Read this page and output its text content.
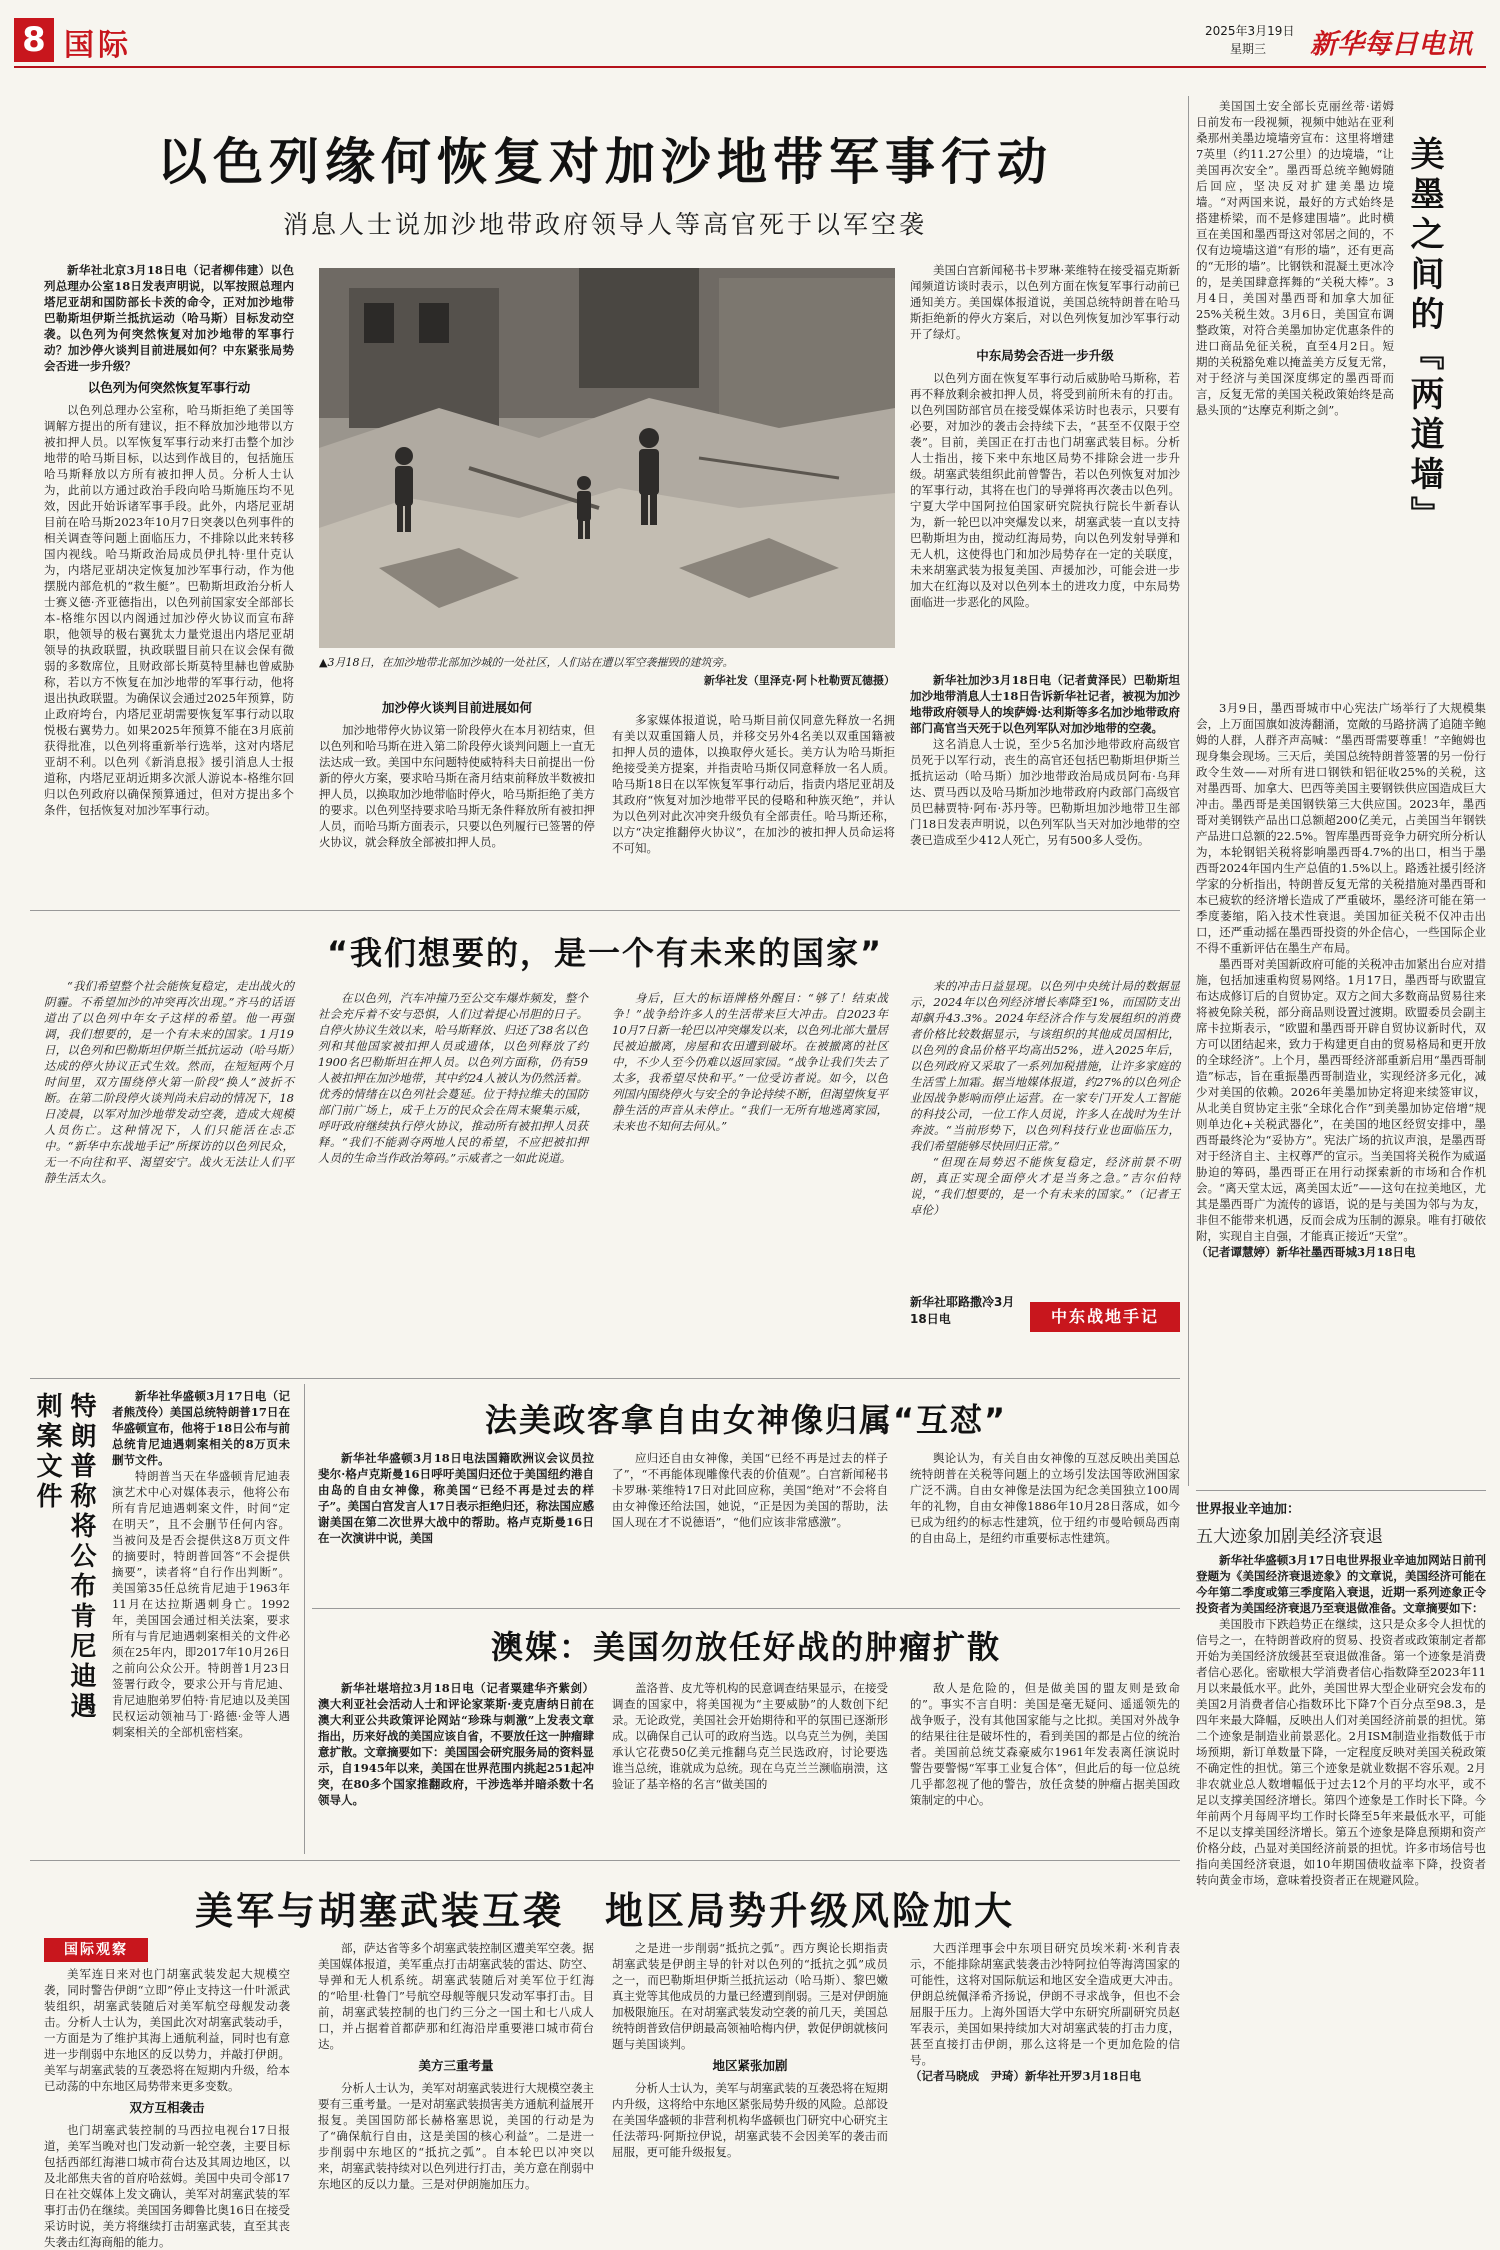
8 国际	2025年3月19日
星期三 新华每日电讯
以色列缘何恢复对加沙地带军事行动
消息人士说加沙地带政府领导人等高官死于以军空袭

新华社北京3月18日电（记者柳伟建）以色列总理办公室18日发表声明说，以军按照总理内塔尼亚胡和国防部长卡茨的命令，正对加沙地带巴勒斯坦伊斯兰抵抗运动（哈马斯）目标发动空袭。以色列为何突然恢复对加沙地带的军事行动？加沙停火谈判目前进展如何？中东紧张局势会否进一步升级？

以色列为何突然恢复军事行动

以色列总理办公室称，哈马斯拒绝了美国等调解方提出的所有建议，拒不释放加沙地带以方被扣押人员。以军恢复军事行动来打击整个加沙地带的哈马斯目标，以达到作战目的，包括施压哈马斯释放以方所有被扣押人员。分析人士认为，此前以方通过政治手段向哈马斯施压均不见效，因此开始诉诸军事手段。此外，内塔尼亚胡目前在哈马斯2023年10月7日突袭以色列事件的相关调查等问题上面临压力，不排除以此来转移国内视线。哈马斯政治局成员伊扎特·里什克认为，内塔尼亚胡决定恢复加沙军事行动，作为他摆脱内部危机的“救生艇”。巴勒斯坦政治分析人士赛义德·齐亚德指出，以色列前国家安全部部长本-格维尔因以内阁通过加沙停火协议而宣布辞职，他领导的极右翼犹太力量党退出内塔尼亚胡领导的执政联盟，执政联盟目前只在议会保有微弱的多数席位，且财政部长斯莫特里赫也曾威胁称，若以方不恢复在加沙地带的军事行动，他将退出执政联盟。为确保议会通过2025年预算，防止政府垮台，内塔尼亚胡需要恢复军事行动以取悦极右翼势力。如果2025年预算不能在3月底前获得批准，以色列将重新举行选举，这对内塔尼亚胡不利。以色列《新消息报》援引消息人士报道称，内塔尼亚胡近期多次派人游说本-格维尔回归以色列政府以确保预算通过，但对方提出多个条件，包括恢复对加沙军事行动。

▲3月18日，在加沙地带北部加沙城的一处社区，人们站在遭以军空袭摧毁的建筑旁。
新华社发（里泽克·阿卜杜勒贾瓦德摄）
加沙停火谈判目前进展如何

加沙地带停火协议第一阶段停火在本月初结束，但以色列和哈马斯在进入第二阶段停火谈判问题上一直无法达成一致。美国中东问题特使威特科夫日前提出一份新的停火方案，要求哈马斯在斋月结束前释放半数被扣押人员，以换取加沙地带临时停火，哈马斯拒绝了美方的要求。以色列坚持要求哈马斯无条件释放所有被扣押人员，而哈马斯方面表示，只要以色列履行已签署的停火协议，就会释放全部被扣押人员。

多家媒体报道说，哈马斯目前仅同意先释放一名拥有美以双重国籍人员，并移交另外4名美以双重国籍被扣押人员的遗体，以换取停火延长。美方认为哈马斯拒绝接受美方提案，并指责哈马斯仅同意释放一名人质。哈马斯18日在以军恢复军事行动后，指责内塔尼亚胡及其政府“恢复对加沙地带平民的侵略和种族灭绝”，并认为以色列对此次冲突升级负有全部责任。哈马斯还称，以方“决定推翻停火协议”，在加沙的被扣押人员命运将不可知。

美国白宫新闻秘书卡罗琳·莱维特在接受福克斯新闻频道访谈时表示，以色列方面在恢复军事行动前已通知美方。美国媒体报道说，美国总统特朗普在哈马斯拒绝新的停火方案后，对以色列恢复加沙军事行动开了绿灯。

中东局势会否进一步升级

以色列方面在恢复军事行动后威胁哈马斯称，若再不释放剩余被扣押人员，将受到前所未有的打击。以色列国防部官员在接受媒体采访时也表示，只要有必要，对加沙的袭击会持续下去，“甚至不仅限于空袭”。目前，美国正在打击也门胡塞武装目标。分析人士指出，接下来中东地区局势不排除会进一步升级。胡塞武装组织此前曾警告，若以色列恢复对加沙的军事行动，其将在也门的导弹将再次袭击以色列。宁夏大学中国阿拉伯国家研究院执行院长牛新春认为，新一轮巴以冲突爆发以来，胡塞武装一直以支持巴勒斯坦为由，搅动红海局势，向以色列发射导弹和无人机，这使得也门和加沙局势存在一定的关联度，未来胡塞武装为报复美国、声援加沙，可能会进一步加大在红海以及对以色列本土的进攻力度，中东局势面临进一步恶化的风险。

新华社加沙3月18日电（记者黄泽民）巴勒斯坦加沙地带消息人士18日告诉新华社记者，被视为加沙地带政府领导人的埃萨姆·达利斯等多名加沙地带政府部门高官当天死于以色列军队对加沙地带的空袭。

这名消息人士说，至少5名加沙地带政府高级官员死于以军行动，丧生的高官还包括巴勒斯坦伊斯兰抵抗运动（哈马斯）加沙地带政治局成员阿布·乌拜达、贾马西以及哈马斯加沙地带政府内政部门高级官员巴赫贾特·阿布·苏丹等。巴勒斯坦加沙地带卫生部门18日发表声明说，以色列军队当天对加沙地带的空袭已造成至少412人死亡，另有500多人受伤。

美墨之间的『两道墙』

美国国土安全部长克丽丝蒂·诺姆日前发布一段视频，视频中她站在亚利桑那州美墨边境墙旁宣布：这里将增建7英里（约11.27公里）的边境墙，“让美国再次安全”。墨西哥总统辛鲍姆随后回应，坚决反对扩建美墨边境墙。“对两国来说，最好的方式始终是搭建桥梁，而不是修建围墙”。此时横亘在美国和墨西哥这对邻居之间的，不仅有边境墙这道“有形的墙”，还有更高的“无形的墙”。比钢铁和混凝土更冰冷的，是美国肆意挥舞的“关税大棒”。3月4日，美国对墨西哥和加拿大加征25%关税生效。3月6日，美国宣布调整政策，对符合美墨加协定优惠条件的进口商品免征关税，直至4月2日。短期的关税豁免难以掩盖美方反复无常，对于经济与美国深度绑定的墨西哥而言，反复无常的美国关税政策始终是高悬头顶的“达摩克利斯之剑”。

3月9日，墨西哥城市中心宪法广场举行了大规模集会，上万面国旗如波涛翻涌，宽敞的马路挤满了追随辛鲍姆的人群，人群齐声高喊：“墨西哥需要尊重！”辛鲍姆也现身集会现场。三天后，美国总统特朗普签署的另一份行政令生效——对所有进口钢铁和铝征收25%的关税，这对墨西哥、加拿大、巴西等美国主要钢铁供应国造成巨大冲击。墨西哥是美国钢铁第三大供应国。2023年，墨西哥对美钢铁产品出口总额超200亿美元，占美国当年钢铁产品进口总额的22.5%。智库墨西哥竞争力研究所分析认为，本轮钢铝关税将影响墨西哥4.7%的出口，相当于墨西哥2024年国内生产总值的1.5%以上。路透社援引经济学家的分析指出，特朗普反复无常的关税措施对墨西哥和本已疲软的经济增长造成了严重破坏，墨经济可能在第一季度萎缩，陷入技术性衰退。美国加征关税不仅冲击出口，还严重动摇在墨西哥投资的外企信心，一些国际企业不得不重新评估在墨生产布局。

墨西哥对美国新政府可能的关税冲击加紧出台应对措施，包括加速重构贸易网络。1月17日，墨西哥与欧盟宣布达成修订后的自贸协定。双方之间大多数商品贸易往来将被免除关税，部分商品则设置过渡期。欧盟委员会副主席卡拉斯表示，“欧盟和墨西哥开辟自贸协议新时代，双方可以团结起来，致力于构建更自由的贸易格局和更开放的全球经济”。上个月，墨西哥经济部重新启用“墨西哥制造”标志，旨在重振墨西哥制造业，实现经济多元化，减少对美国的依赖。2026年美墨加协定将迎来续签审议，从北美自贸协定主张“全球化合作”到美墨加协定倍增“规则单边化+关税武器化”，在美国的地区经贸安排中，墨西哥最终沦为“妥协方”。宪法广场的抗议声浪，是墨西哥对于经济自主、主权尊严的宣示。当美国将关税作为威逼胁迫的筹码，墨西哥正在用行动探索新的市场和合作机会。“离天堂太远，离美国太近”——这句在拉美地区，尤其是墨西哥广为流传的谚语，说的是与美国为邻与为友，非但不能带来机遇，反而会成为压制的源泉。唯有打破依附，实现自主自强，才能真正接近“天堂”。

（记者谭慧婷）新华社墨西哥城3月18日电

“我们想要的，是一个有未来的国家”

“我们希望整个社会能恢复稳定，走出战火的阴霾。不希望加沙的冲突再次出现。”齐马的话语道出了以色列中年女子这样的希望。他一再强调，我们想要的，是一个有未来的国家。1月19日，以色列和巴勒斯坦伊斯兰抵抗运动（哈马斯）达成的停火协议正式生效。然而，在短短两个月时间里，双方围绕停火第一阶段“换人”波折不断。在第二阶段停火谈判尚未启动的情况下，18日凌晨，以军对加沙地带发动空袭，造成大规模人员伤亡。这种情况下，人们只能活在忐忑中。“新华中东战地手记”所探访的以色列民众，无一不向往和平、渴望安宁。战火无法让人们平静生活太久。

在以色列，汽车冲撞乃至公交车爆炸频发，整个社会充斥着不安与恐惧，人们过着提心吊胆的日子。自停火协议生效以来，哈马斯释放、归还了38名以色列和其他国家被扣押人员或遗体，以色列释放了约1900名巴勒斯坦在押人员。以色列方面称，仍有59人被扣押在加沙地带，其中约24人被认为仍然活着。优秀的情绪在以色列社会蔓延。位于特拉维夫的国防部门前广场上，成千上万的民众会在周末聚集示威，呼吁政府继续执行停火协议，推动所有被扣押人员获释。“我们不能剥夺两地人民的希望，不应把被扣押人员的生命当作政治筹码。”示威者之一如此说道。

身后，巨大的标语牌格外醒目：“够了！结束战争！”战争给许多人的生活带来巨大冲击。自2023年10月7日新一轮巴以冲突爆发以来，以色列北部大量居民被迫撤离，房屋和农田遭到破坏。在被撤离的社区中，不少人至今仍难以返回家园。“战争让我们失去了太多，我希望尽快和平。”一位受访者说。如今，以色列国内围绕停火与安全的争论持续不断，但渴望恢复平静生活的声音从未停止。“我们一无所有地逃离家园，未来也不知何去何从。”

来的冲击日益显现。以色列中央统计局的数据显示，2024年以色列经济增长率降至1%，而国防支出却飙升43.3%。2024年经济合作与发展组织的消费者价格比较数据显示，与该组织的其他成员国相比，以色列的食品价格平均高出52%，进入2025年后，以色列政府又采取了一系列加税措施，让许多家庭的生活雪上加霜。据当地媒体报道，约27%的以色列企业因战争影响而停止运营。在一家专门开发人工智能的科技公司，一位工作人员说，许多人在战时为生计奔波。“当前形势下，以色列科技行业也面临压力，我们希望能够尽快回归正常。”

“但现在局势迟不能恢复稳定，经济前景不明朗，真正实现全面停火才是当务之急。”吉尔伯特说，“我们想要的，是一个有未来的国家。”（记者王卓伦）

新华社耶路撒冷3月18日电	中东战地手记
特朗普称将公布肯尼迪遇刺案文件	新华社华盛顿3月17日电（记者熊茂伶）美国总统特朗普17日在华盛顿宣布，他将于18日公布与前总统肯尼迪遇刺案相关的8万页未删节文件。

特朗普当天在华盛顿肯尼迪表演艺术中心对媒体表示，他将公布所有肯尼迪遇刺案文件，时间“定在明天”，且不会删节任何内容。当被问及是否会提供这8万页文件的摘要时，特朗普回答“不会提供摘要”，读者将“自行作出判断”。美国第35任总统肯尼迪于1963年11月在达拉斯遇刺身亡。1992年，美国国会通过相关法案，要求所有与肯尼迪遇刺案相关的文件必须在25年内，即2017年10月26日之前向公众公开。特朗普1月23日签署行政令，要求公开与肯尼迪、肯尼迪胞弟罗伯特·肯尼迪以及美国民权运动领袖马丁·路德·金等人遇刺案相关的全部机密档案。

法美政客拿自由女神像归属“互怼”

新华社华盛顿3月18日电法国籍欧洲议会议员拉斐尔·格卢克斯曼16日呼吁美国归还位于美国纽约港自由岛的自由女神像，称美国“已经不再是过去的样子”。美国白宫发言人17日表示拒绝归还，称法国应感谢美国在第二次世界大战中的帮助。格卢克斯曼16日在一次演讲中说，美国

应归还自由女神像，美国“已经不再是过去的样子了”，“不再能体现雕像代表的价值观”。白宫新闻秘书卡罗琳·莱维特17日对此回应称，美国“绝对”不会将自由女神像还给法国，她说，“正是因为美国的帮助，法国人现在才不说德语”，“他们应该非常感激”。

舆论认为，有关自由女神像的互怼反映出美国总统特朗普在关税等问题上的立场引发法国等欧洲国家广泛不满。自由女神像是法国为纪念美国独立100周年的礼物，自由女神像1886年10月28日落成，如今已成为纽约的标志性建筑，位于纽约市曼哈顿岛西南的自由岛上，是纽约市重要标志性建筑。

澳媒：美国勿放任好战的肿瘤扩散

新华社堪培拉3月18日电（记者粟建华齐紫剑）澳大利亚社会活动人士和评论家莱斯·麦克唐纳日前在澳大利亚公共政策评论网站“珍珠与刺激”上发表文章指出，历来好战的美国应该自省，不要放任这一肿瘤肆意扩散。文章摘要如下：美国国会研究服务局的资料显示，自1945年以来，美国在世界范围内挑起251起冲突，在80多个国家推翻政府，干涉选举并暗杀数十名领导人。

盖洛普、皮尤等机构的民意调查结果显示，在接受调查的国家中，将美国视为“主要威胁”的人数创下纪录。无论政党，美国社会开始期待和平的氛围已逐渐形成。以确保自己认可的政府当选。以乌克兰为例，美国承认它花费50亿美元推翻乌克兰民选政府，讨论要选谁当总统，谁就成为总统。现在乌克兰兰濒临崩溃，这验证了基辛格的名言“做美国的

敌人是危险的，但是做美国的盟友则是致命的”。事实不言自明：美国是毫无疑问、遥遥领先的战争贩子，没有其他国家能与之比拟。美国对外战争的结果往往是破坏性的，看到美国的都是占位的统治者。美国前总统艾森豪威尔1961年发表离任演说时警告要警惕“军事工业复合体”，但此后的每一位总统几乎都忽视了他的警告，放任贪婪的肿瘤占据美国政策制定的中心。

美军与胡塞武装互袭　地区局势升级风险加大
国际观察

美军连日来对也门胡塞武装发起大规模空袭，同时警告伊朗“立即”停止支持这一什叶派武装组织，胡塞武装随后对美军航空母舰发动袭击。分析人士认为，美国此次对胡塞武装动手，一方面是为了维护其海上通航利益，同时也有意进一步削弱中东地区的反以势力，并敲打伊朗。美军与胡塞武装的互袭恐将在短期内升级，给本已动荡的中东地区局势带来更多变数。

双方互相袭击

也门胡塞武装控制的马西拉电视台17日报道，美军当晚对也门发动新一轮空袭，主要目标包括西部红海港口城市荷台达及其周边地区，以及北部焦夫省的首府哈兹姆。美国中央司令部17日在社交媒体上发文确认，美军对胡塞武装的军事打击仍在继续。美国国务卿鲁比奥16日在接受采访时说，美方将继续打击胡塞武装，直至其丧失袭击红海商船的能力。

部，萨达省等多个胡塞武装控制区遭美军空袭。据美国媒体报道，美军重点打击胡塞武装的雷达、防空、导弹和无人机系统。胡塞武装随后对美军位于红海的“哈里·杜鲁门”号航空母舰等舰只发动军事打击。目前，胡塞武装控制的也门约三分之一国土和七八成人口，并占据着首都萨那和红海沿岸重要港口城市荷台达。

美方三重考量

分析人士认为，美军对胡塞武装进行大规模空袭主要有三重考量。一是对胡塞武装损害美方通航利益展开报复。美国国防部长赫格塞思说，美国的行动是为了“确保航行自由，这是美国的核心利益”。二是进一步削弱中东地区的“抵抗之弧”。自本轮巴以冲突以来，胡塞武装持续对以色列进行打击，美方意在削弱中东地区的反以力量。三是对伊朗施加压力。

之是进一步削弱“抵抗之弧”。西方舆论长期指责胡塞武装是伊朗主导的针对以色列的“抵抗之弧”成员之一，而巴勒斯坦伊斯兰抵抗运动（哈马斯）、黎巴嫩真主党等其他成员的力量已经遭到削弱。三是对伊朗施加极限施压。在对胡塞武装发动空袭的前几天，美国总统特朗普致信伊朗最高领袖哈梅内伊，敦促伊朗就核问题与美国谈判。

地区紧张加剧

分析人士认为，美军与胡塞武装的互袭恐将在短期内升级，这将给中东地区紧张局势升级的风险。总部设在美国华盛顿的非营利机构华盛顿也门研究中心研究主任法蒂玛·阿斯拉伊说，胡塞武装不会因美军的袭击而屈服，更可能升级报复。

大西洋理事会中东项目研究员埃米莉·米利肯表示，不能排除胡塞武装袭击沙特阿拉伯等海湾国家的可能性，这将对国际航运和地区安全造成更大冲击。伊朗总统佩泽希齐扬说，伊朗不寻求战争，但也不会屈服于压力。上海外国语大学中东研究所副研究员赵军表示，美国如果持续加大对胡塞武装的打击力度，甚至直接打击伊朗，那么这将是一个更加危险的信号。

（记者马晓成　尹琦）新华社开罗3月18日电

世界报业辛迪加：
五大迹象加剧美经济衰退

新华社华盛顿3月17日电世界报业辛迪加网站日前刊登题为《美国经济衰退迹象》的文章说，美国经济可能在今年第二季度或第三季度陷入衰退，近期一系列迹象正令投资者为美国经济衰退乃至衰退做准备。文章摘要如下：

美国股市下跌趋势正在继续，这只是众多令人担忧的信号之一，在特朗普政府的贸易、投资者或政策制定者都开始为美国经济放缓甚至衰退做准备。第一个迹象是消费者信心恶化。密歇根大学消费者信心指数降至2023年11月以来最低水平。此外，美国世界大型企业研究会发布的美国2月消费者信心指数环比下降7个百分点至98.3，是四年来最大降幅，反映出人们对美国经济前景的担忧。第二个迹象是制造业前景恶化。2月ISM制造业指数低于市场预期，新订单数量下降，一定程度反映对美国关税政策不确定性的担忧。第三个迹象是就业数据不容乐观。2月非农就业总人数增幅低于过去12个月的平均水平，或不足以支撑美国经济增长。第四个迹象是工作时长下降。今年前两个月每周平均工作时长降至5年来最低水平，可能不足以支撑美国经济增长。第五个迹象是降息预期和资产价格分歧，凸显对美国经济前景的担忧。许多市场信号也指向美国经济衰退，如10年期国债收益率下降，投资者转向黄金市场，意味着投资者正在规避风险。
